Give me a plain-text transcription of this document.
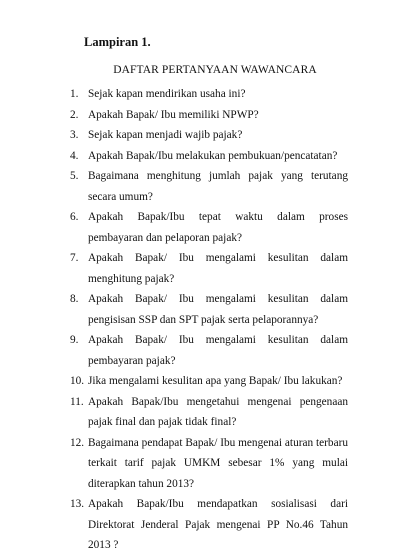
Lampiran 1.
DAFTAR PERTANYAAN WAWANCARA
1. Sejak kapan mendirikan usaha ini?
2. Apakah Bapak/ Ibu memiliki NPWP?
3. Sejak kapan menjadi wajib pajak?
4. Apakah Bapak/Ibu melakukan pembukuan/pencatatan?
5. Bagaimana menghitung jumlah pajak yang terutang secara umum?
6. Apakah Bapak/Ibu tepat waktu dalam proses pembayaran dan pelaporan pajak?
7. Apakah Bapak/ Ibu mengalami kesulitan dalam menghitung pajak?
8. Apakah Bapak/ Ibu mengalami kesulitan dalam pengisisan SSP dan SPT pajak serta pelaporannya?
9. Apakah Bapak/ Ibu mengalami kesulitan dalam pembayaran pajak?
10. Jika mengalami kesulitan apa yang Bapak/ Ibu lakukan?
11. Apakah Bapak/Ibu mengetahui mengenai pengenaan pajak final dan pajak tidak final?
12. Bagaimana pendapat Bapak/ Ibu mengenai aturan terbaru terkait tarif pajak UMKM sebesar 1% yang mulai diterapkan tahun 2013?
13. Apakah Bapak/Ibu mendapatkan sosialisasi dari Direktorat Jenderal Pajak mengenai PP No.46 Tahun 2013 ?
